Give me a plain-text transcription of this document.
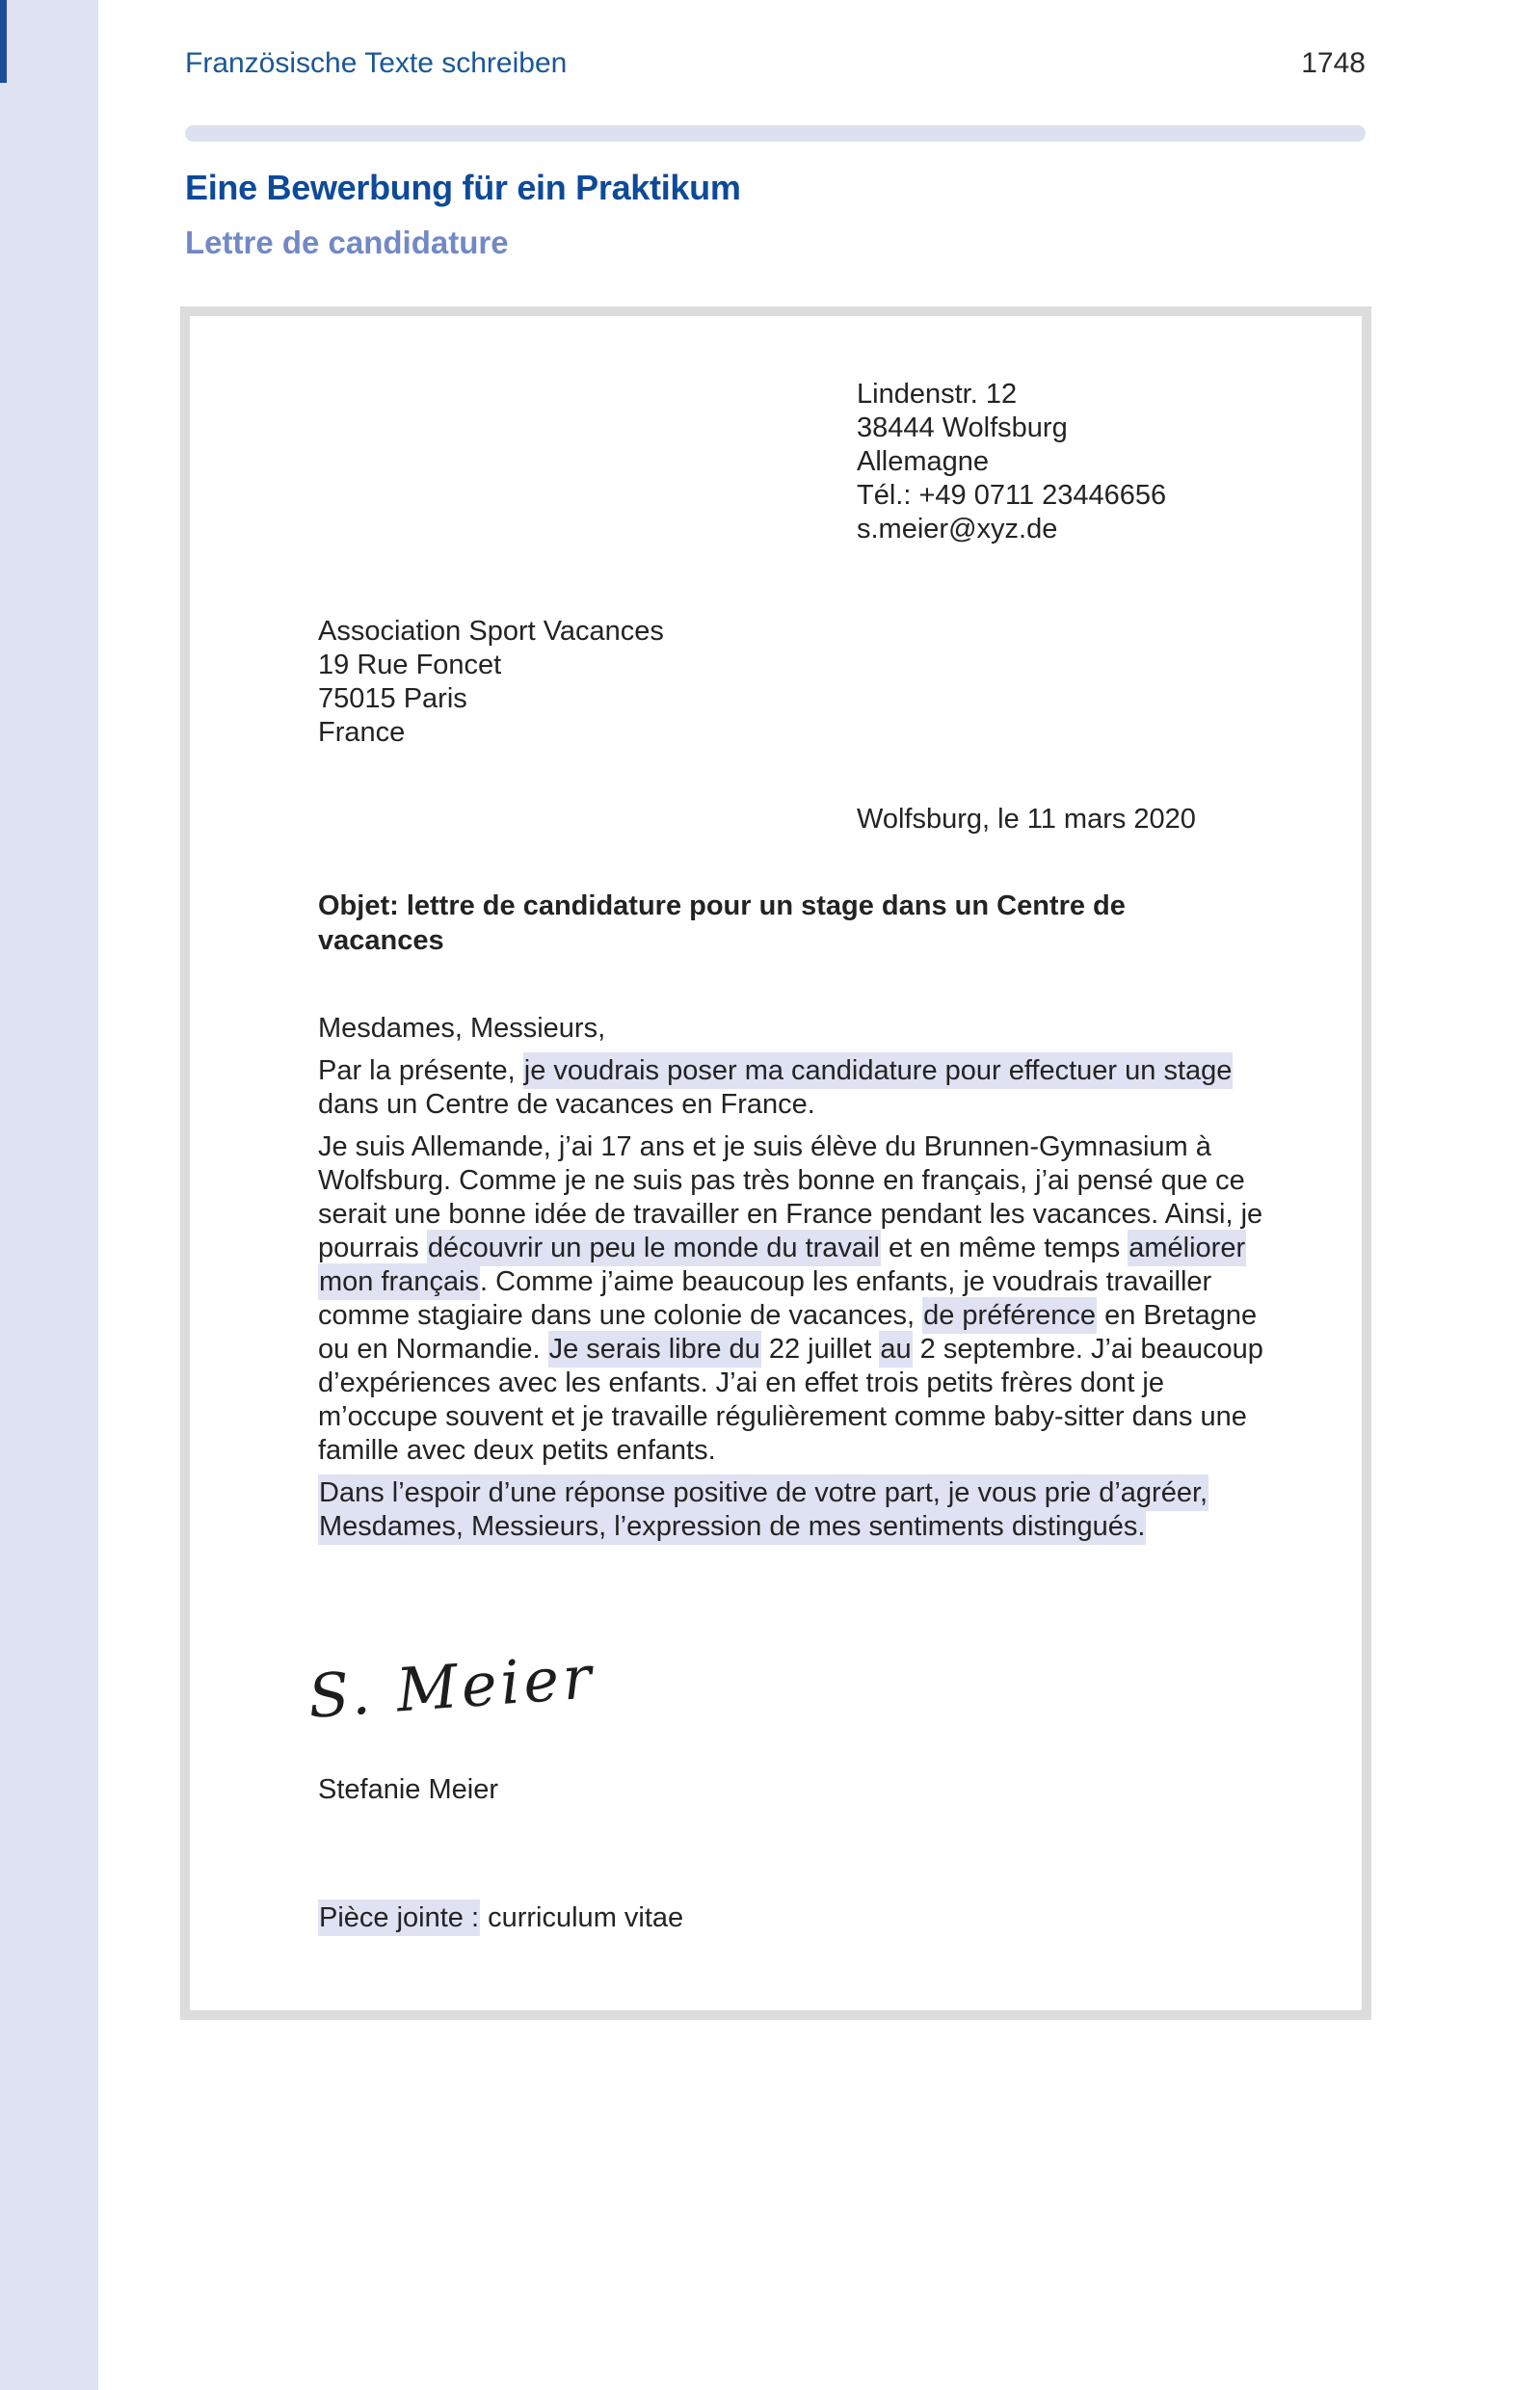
Französische Texte schreiben	1748
Eine Bewerbung für ein Praktikum
Lettre de candidature
Lindenstr. 12
38444 Wolfsburg
Allemagne
Tél.: +49 0711 23446656
s.meier@xyz.de
Association Sport Vacances
19 Rue Foncet
75015 Paris
France
Wolfsburg, le 11 mars 2020
Objet: lettre de candidature pour un stage dans un Centre de vacances

Mesdames, Messieurs,

Par la présente, je voudrais poser ma candidature pour effectuer un stage dans un Centre de vacances en France.

Je suis Allemande, j’ai 17 ans et je suis élève du Brunnen-Gymnasium à Wolfsburg. Comme je ne suis pas très bonne en français, j’ai pensé que ce serait une bonne idée de travailler en France pendant les vacances. Ainsi, je pourrais découvrir un peu le monde du travail et en même temps améliorer mon français. Comme j’aime beaucoup les enfants, je voudrais travailler comme stagiaire dans une colonie de vacances, de préférence en Bretagne ou en Normandie. Je serais libre du 22 juillet au 2 septembre. J’ai beaucoup d’expériences avec les enfants. J’ai en effet trois petits frères dont je m’occupe souvent et je travaille régulièrement comme baby-sitter dans une famille avec deux petits enfants.

Dans l’espoir d’une réponse positive de votre part, je vous prie d’agréer, Mesdames, Messieurs, l’expression de mes sentiments distingués.

S. Meier
Stefanie Meier
Pièce jointe : curriculum vitae
